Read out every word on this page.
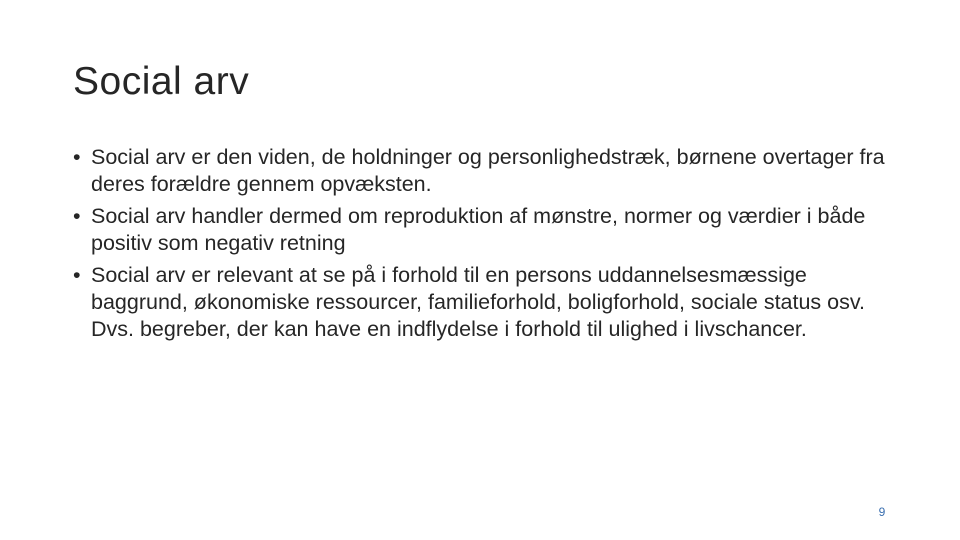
Social arv
• Social arv er den viden, de holdninger og personlighedstræk, børnene overtager fra deres forældre gennem opvæksten.
• Social arv handler dermed om reproduktion af mønstre, normer og værdier i både positiv som negativ retning
• Social arv er relevant at se på i forhold til en persons uddannelsesmæssige baggrund, økonomiske ressourcer, familieforhold, boligforhold, sociale status osv. Dvs. begreber, der kan have en indflydelse i forhold til ulighed i livschancer.
9
